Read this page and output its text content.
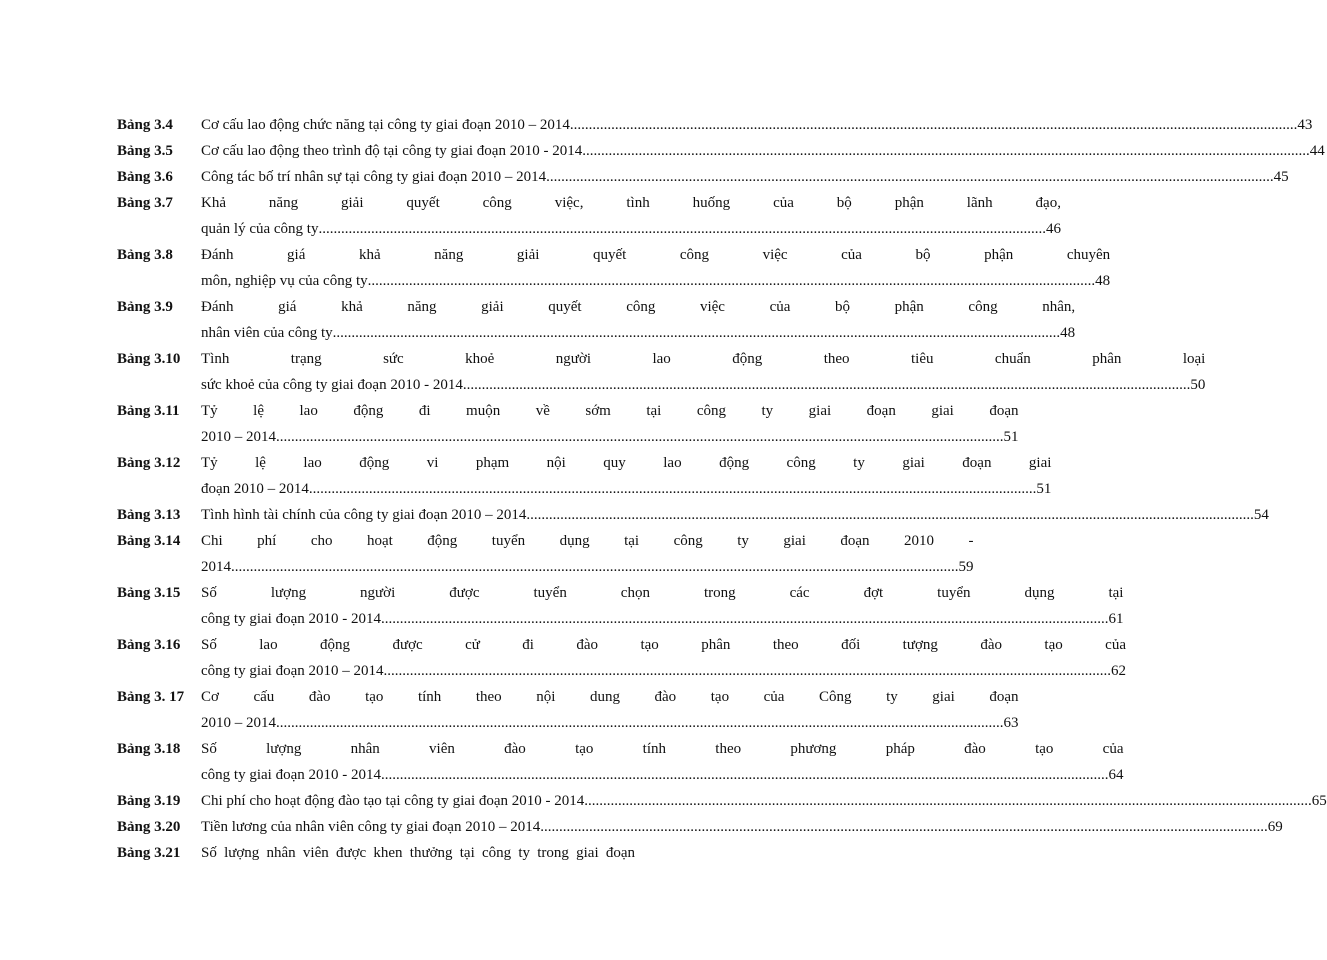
Bảng 3.4	Cơ cấu lao động chức năng tại công ty giai đoạn 2010 – 2014 .....	43
Bảng 3.5	Cơ cấu lao động theo trình độ tại công ty giai đoạn 2010 - 2014 .....	44
Bảng 3.6	Công tác bố trí nhân sự tại công ty giai đoạn 2010 – 2014 .....	45
Bảng 3.7	Khả năng giải quyết công việc, tình huống của bộ phận lãnh đạo,
quản lý của công ty .....	46
Bảng 3.8	Đánh giá khả năng giải quyết công việc của bộ phận chuyên
môn, nghiệp vụ của công ty .....	48
Bảng 3.9	Đánh giá khả năng giải quyết công việc của bộ phận công nhân,
nhân viên của công ty .....	48
Bảng 3.10	Tình trạng sức khoẻ người lao động theo tiêu chuẩn phân loại
sức khoẻ của công ty giai đoạn 2010 - 2014 .....	50
Bảng 3.11	Tỷ lệ lao động đi muộn về sớm tại công ty giai đoạn giai đoạn
2010 – 2014 .....	51
Bảng 3.12	Tỷ lệ lao động vi phạm nội quy lao động công ty giai đoạn giai
đoạn 2010 – 2014 .....	51
Bảng 3.13	Tình hình tài chính của công ty giai đoạn 2010 – 2014 .....	54
Bảng 3.14	Chi phí cho hoạt động tuyển dụng tại công ty giai đoạn 2010 -
2014 .....	59
Bảng 3.15	Số lượng người được tuyển chọn trong các đợt tuyển dụng tại
công ty giai đoạn 2010 - 2014 .....	61
Bảng 3.16	Số lao động được cử đi đào tạo phân theo đối tượng đào tạo của
công ty giai đoạn 2010 – 2014 .....	62
Bảng 3. 17	Cơ cấu đào tạo tính theo nội dung đào tạo của Công ty giai đoạn
2010 – 2014 .....	63
Bảng 3.18	Số lượng nhân viên đào tạo tính theo phương pháp đào tạo của
công ty giai đoạn 2010 - 2014 .....	64
Bảng 3.19	Chi phí cho hoạt động đào tạo tại công ty giai đoạn 2010 - 2014 .....	65
Bảng 3.20	Tiền lương của nhân viên công ty giai đoạn 2010 – 2014 .....	69
Bảng 3.21	Số lượng nhân viên được khen thưởng tại công ty trong giai đoạn
